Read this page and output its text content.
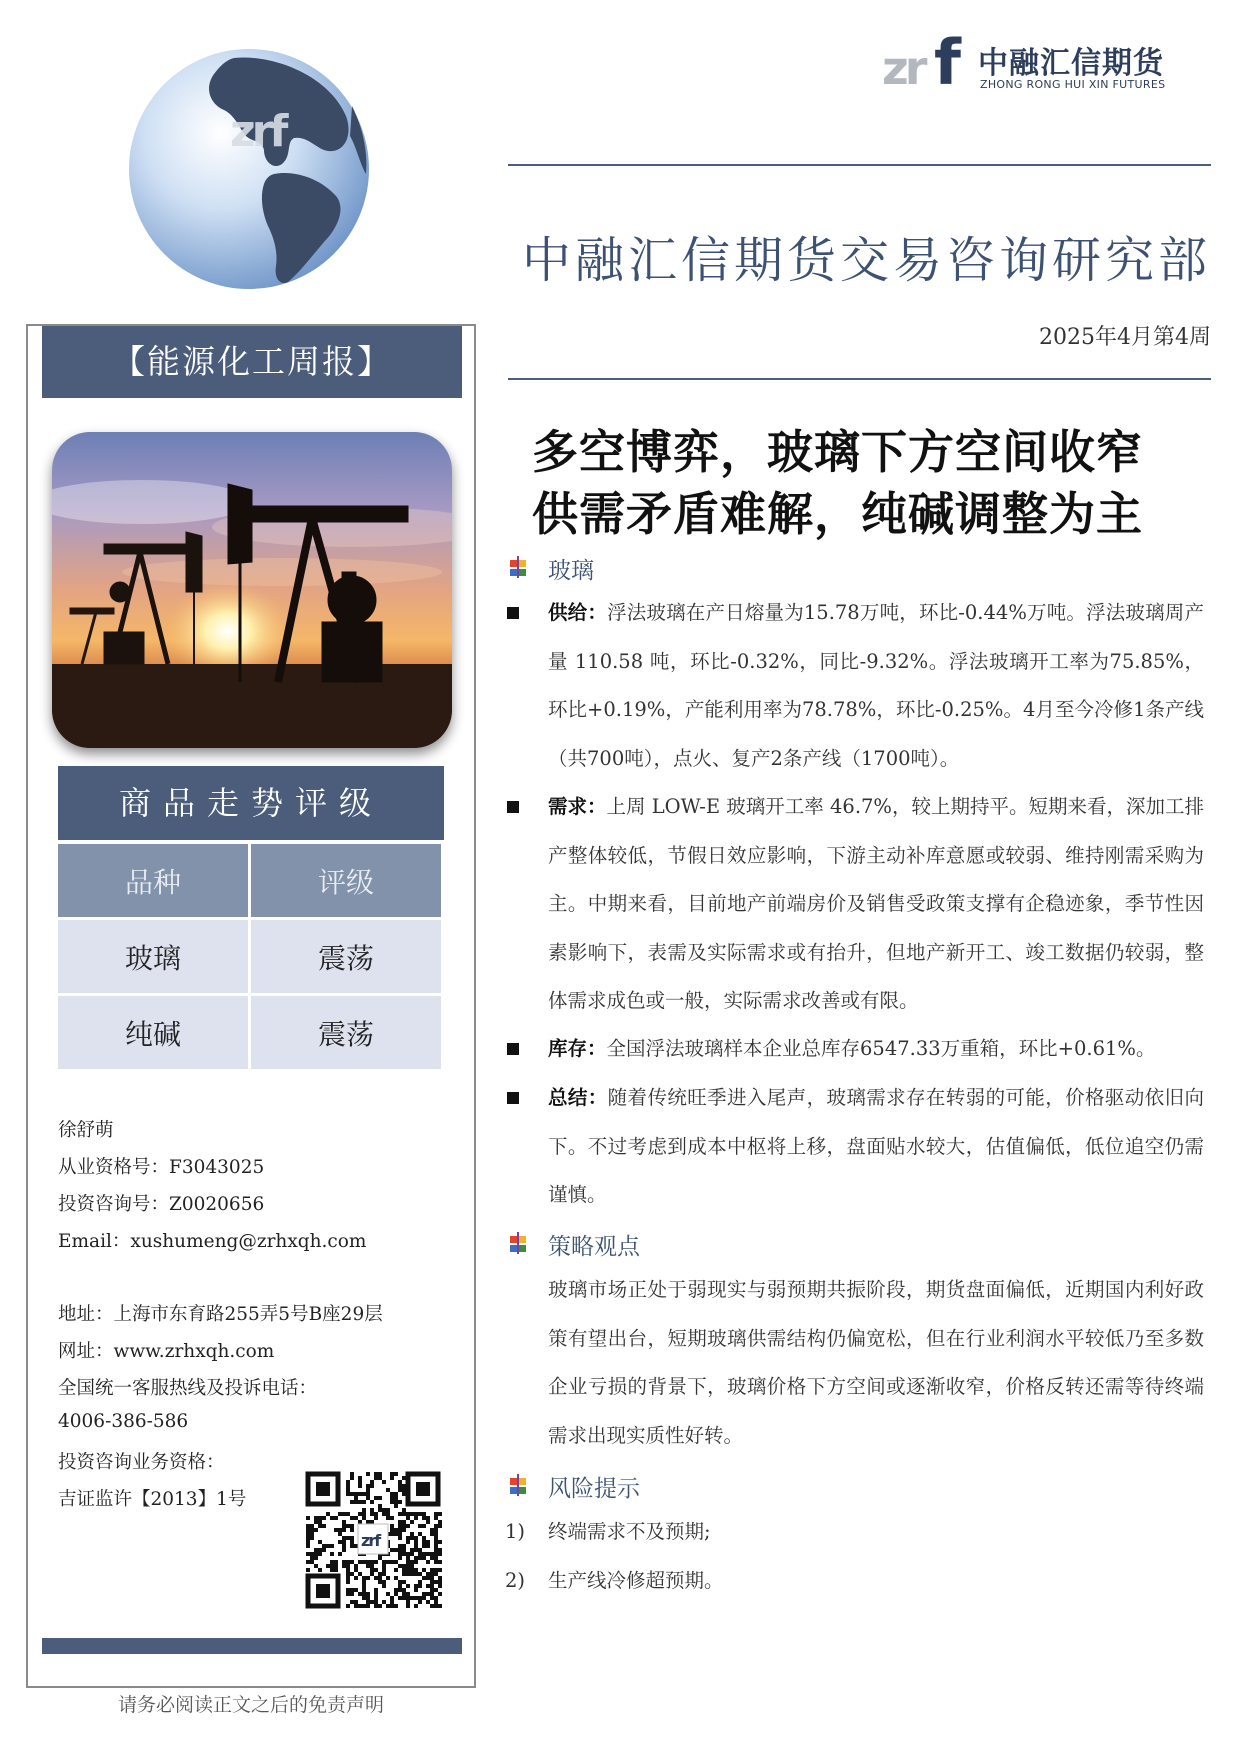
zr f 中融汇信期货
ZHONG RONG HUI XIN FUTURES
zrf
中融汇信期货交易咨询研究部
2025年4月第4周
多空博弈，玻璃下方空间收窄
供需矛盾难解，纯碱调整为主
【能源化工周报】
商品走势评级
品种	评级
玻璃	震荡
纯碱	震荡
徐舒萌
从业资格号：F3043025
投资咨询号：Z0020656
Email：xushumeng@zrhxqh.com
地址：上海市东育路255弄5号B座29层
网址：www.zrhxqh.com
全国统一客服热线及投诉电话：
4006-386-586
投资咨询业务资格：
吉证监许【2013】1号
zrf
请务必阅读正文之后的免责声明
玻璃
供给：浮法玻璃在产日熔量为15.78万吨，环比-0.44%万吨。浮法玻璃周产量 110.58 吨，环比-0.32%，同比-9.32%。浮法玻璃开工率为75.85%，环比+0.19%，产能利用率为78.78%，环比-0.25%。4月至今冷修1条产线（共700吨），点火、复产2条产线（1700吨）。
需求：上周 LOW-E 玻璃开工率 46.7%，较上期持平。短期来看，深加工排产整体较低，节假日效应影响，下游主动补库意愿或较弱、维持刚需采购为主。中期来看，目前地产前端房价及销售受政策支撑有企稳迹象，季节性因素影响下，表需及实际需求或有抬升，但地产新开工、竣工数据仍较弱，整体需求成色或一般，实际需求改善或有限。
库存：全国浮法玻璃样本企业总库存6547.33万重箱，环比+0.61%。
总结：随着传统旺季进入尾声，玻璃需求存在转弱的可能，价格驱动依旧向下。不过考虑到成本中枢将上移，盘面贴水较大，估值偏低，低位追空仍需谨慎。
策略观点
玻璃市场正处于弱现实与弱预期共振阶段，期货盘面偏低，近期国内利好政策有望出台，短期玻璃供需结构仍偏宽松，但在行业利润水平较低乃至多数企业亏损的背景下，玻璃价格下方空间或逐渐收窄，价格反转还需等待终端需求出现实质性好转。
风险提示
1) 终端需求不及预期;
2) 生产线冷修超预期。
